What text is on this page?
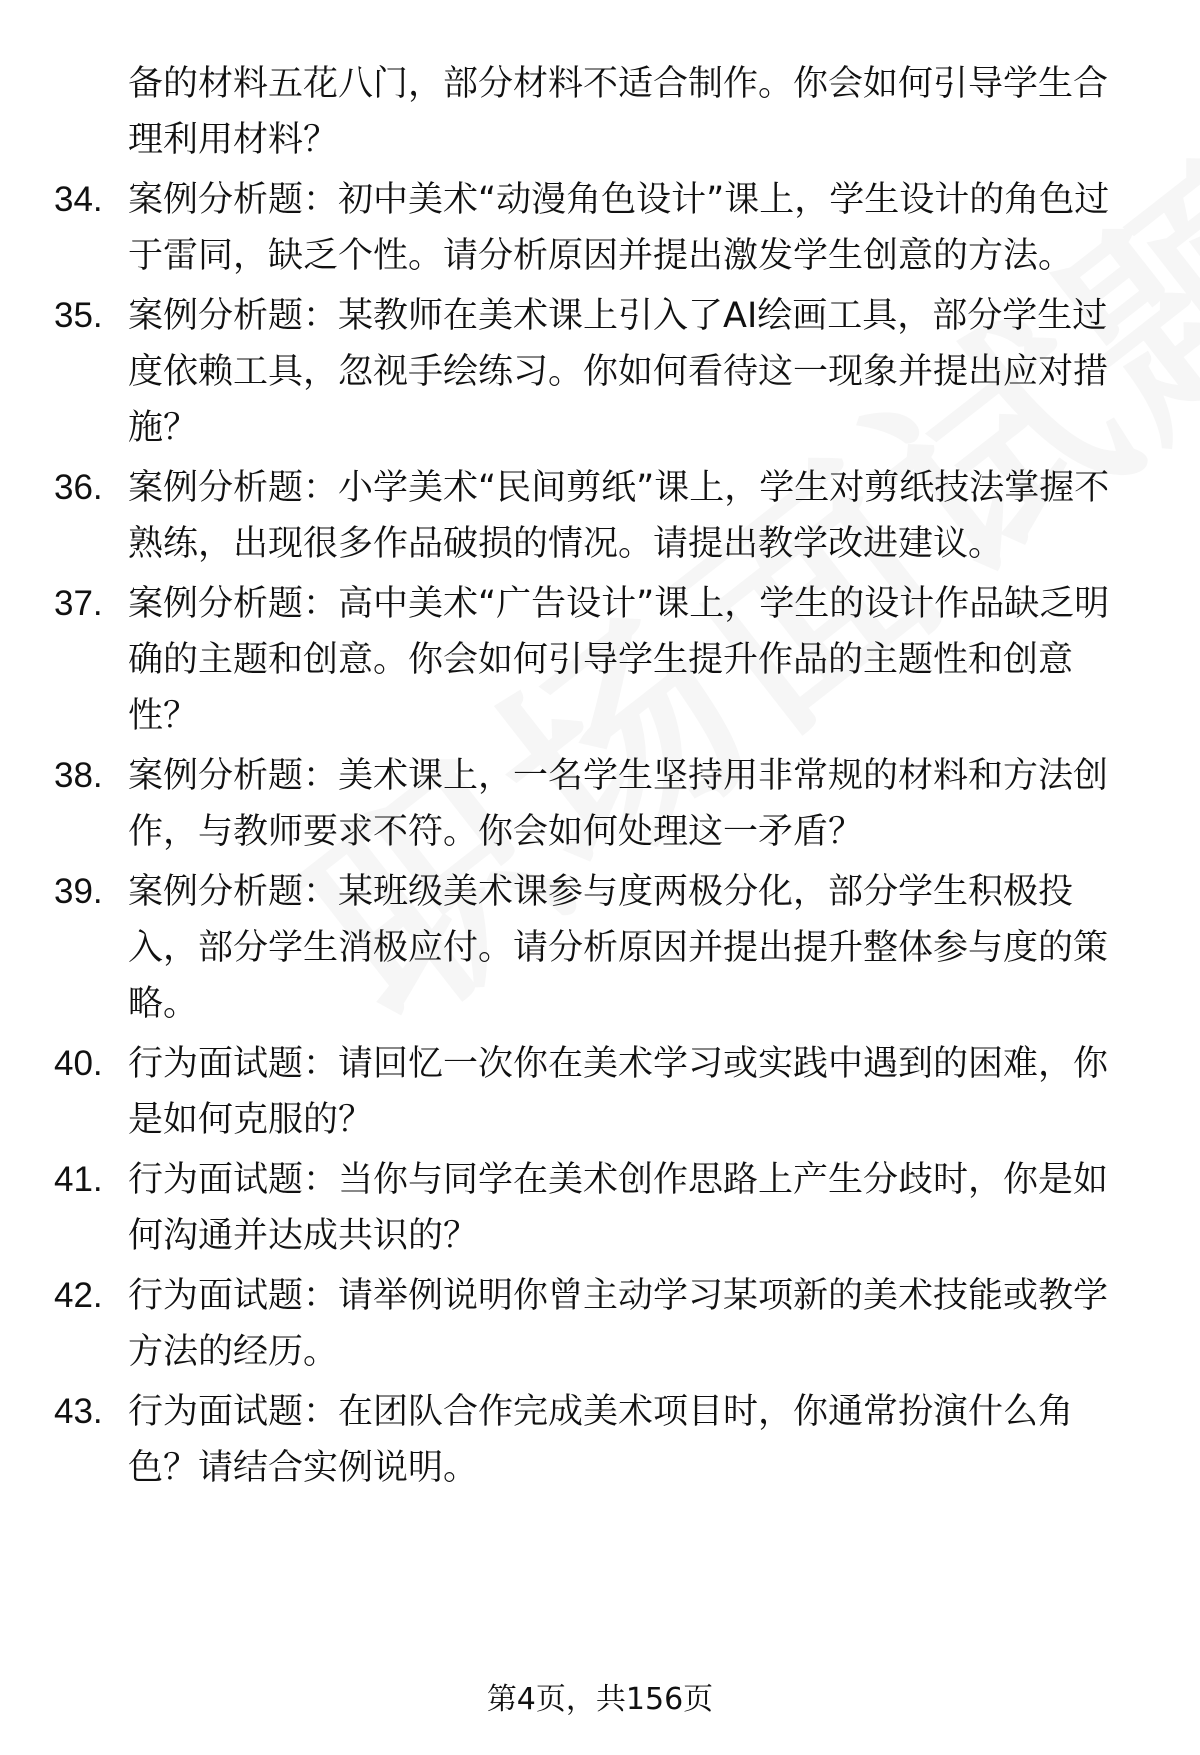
备的材料五花八门，部分材料不适合制作。你会如何引导学生合理利用材料？
34. 案例分析题：初中美术“动漫角色设计”课上，学生设计的角色过于雷同，缺乏个性。请分析原因并提出激发学生创意的方法。
35. 案例分析题：某教师在美术课上引入了AI绘画工具，部分学生过度依赖工具，忽视手绘练习。你如何看待这一现象并提出应对措施？
36. 案例分析题：小学美术“民间剪纸”课上，学生对剪纸技法掌握不熟练，出现很多作品破损的情况。请提出教学改进建议。
37. 案例分析题：高中美术“广告设计”课上，学生的设计作品缺乏明确的主题和创意。你会如何引导学生提升作品的主题性和创意性？
38. 案例分析题：美术课上，一名学生坚持用非常规的材料和方法创作，与教师要求不符。你会如何处理这一矛盾？
39. 案例分析题：某班级美术课参与度两极分化，部分学生积极投入，部分学生消极应付。请分析原因并提出提升整体参与度的策略。
40. 行为面试题：请回忆一次你在美术学习或实践中遇到的困难，你是如何克服的？
41. 行为面试题：当你与同学在美术创作思路上产生分歧时，你是如何沟通并达成共识的？
42. 行为面试题：请举例说明你曾主动学习某项新的美术技能或教学方法的经历。
43. 行为面试题：在团队合作完成美术项目时，你通常扮演什么角色？请结合实例说明。
第4页，共156页
